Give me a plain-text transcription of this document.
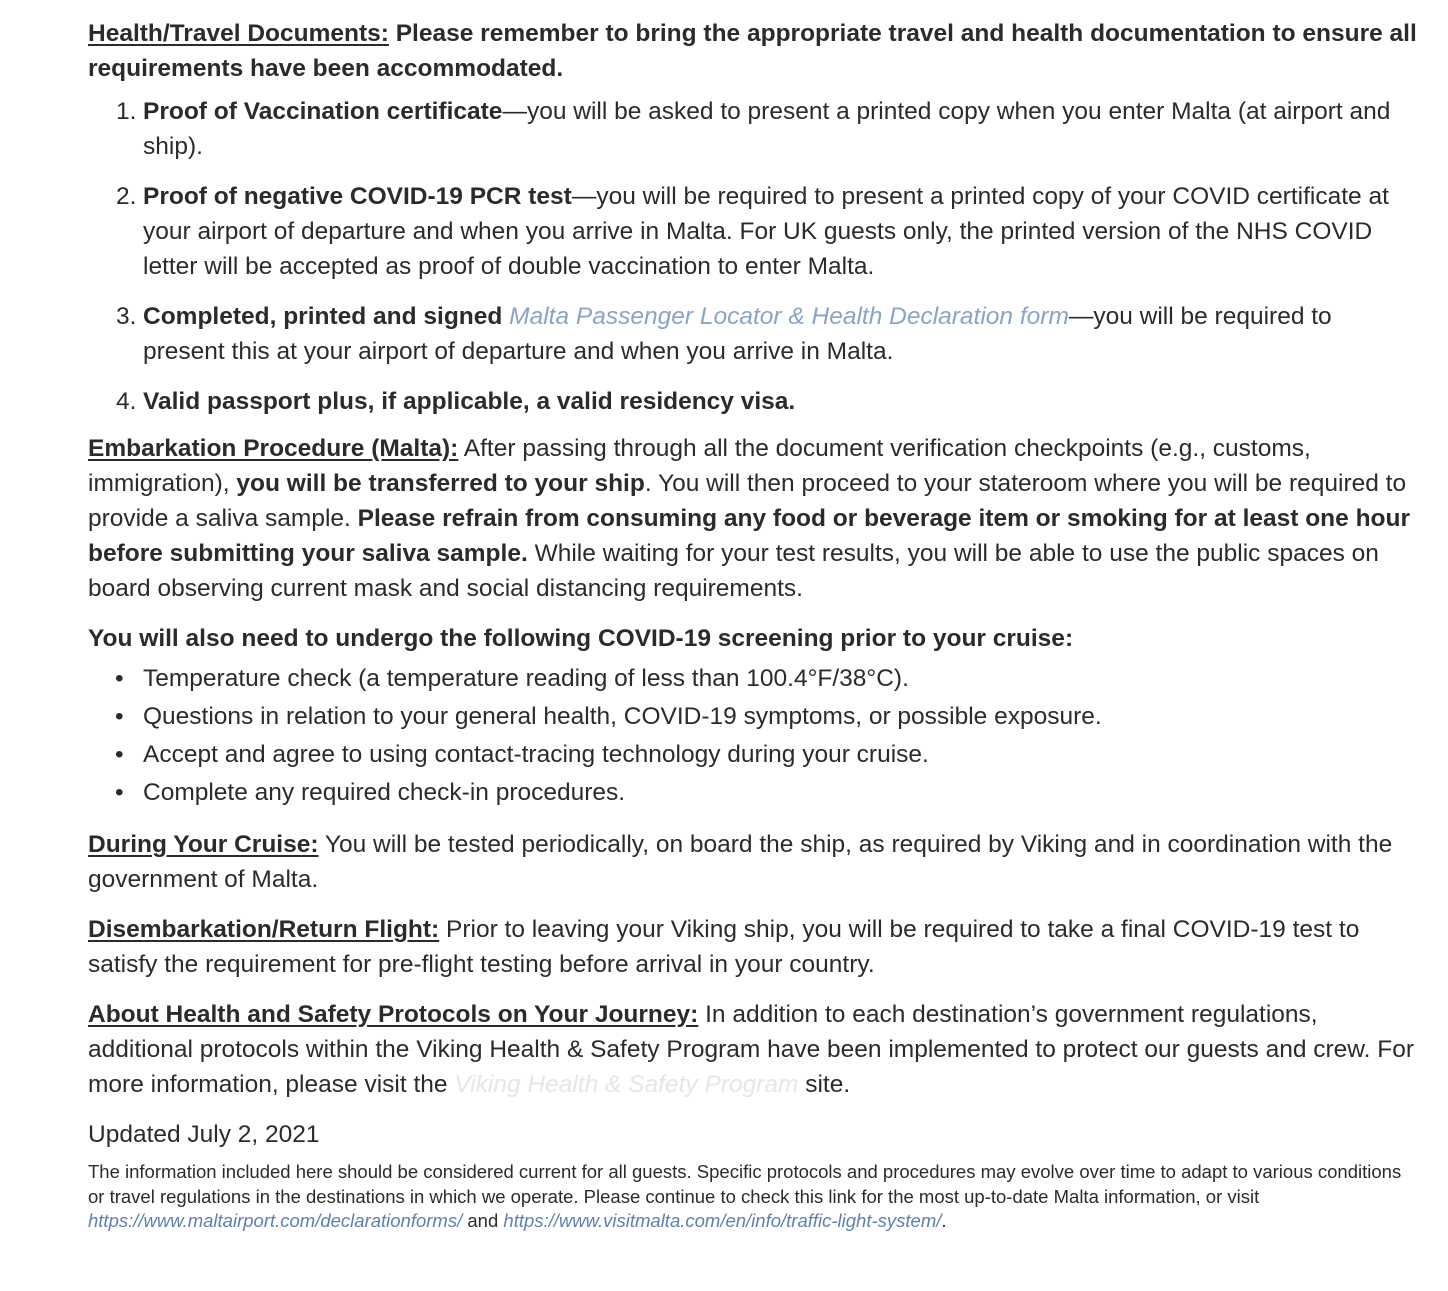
Health/Travel Documents: Please remember to bring the appropriate travel and health documentation to ensure all requirements have been accommodated.

1. Proof of Vaccination certificate—you will be asked to present a printed copy when you enter Malta (at airport and ship).
2. Proof of negative COVID-19 PCR test—you will be required to present a printed copy of your COVID certificate at your airport of departure and when you arrive in Malta. For UK guests only, the printed version of the NHS COVID letter will be accepted as proof of double vaccination to enter Malta.
3. Completed, printed and signed Malta Passenger Locator & Health Declaration form—you will be required to present this at your airport of departure and when you arrive in Malta.
4. Valid passport plus, if applicable, a valid residency visa.

Embarkation Procedure (Malta): After passing through all the document verification checkpoints (e.g., customs, immigration), you will be transferred to your ship. You will then proceed to your stateroom where you will be required to provide a saliva sample. Please refrain from consuming any food or beverage item or smoking for at least one hour before submitting your saliva sample. While waiting for your test results, you will be able to use the public spaces on board observing current mask and social distancing requirements.

You will also need to undergo the following COVID-19 screening prior to your cruise:

• Temperature check (a temperature reading of less than 100.4°F/38°C).
• Questions in relation to your general health, COVID-19 symptoms, or possible exposure.
• Accept and agree to using contact-tracing technology during your cruise.
• Complete any required check-in procedures.

During Your Cruise: You will be tested periodically, on board the ship, as required by Viking and in coordination with the government of Malta.

Disembarkation/Return Flight: Prior to leaving your Viking ship, you will be required to take a final COVID-19 test to satisfy the requirement for pre-flight testing before arrival in your country.

About Health and Safety Protocols on Your Journey: In addition to each destination’s government regulations, additional protocols within the Viking Health & Safety Program have been implemented to protect our guests and crew. For more information, please visit the Viking Health & Safety Program site.

Updated July 2, 2021

The information included here should be considered current for all guests. Specific protocols and procedures may evolve over time to adapt to various conditions or travel regulations in the destinations in which we operate. Please continue to check this link for the most up-to-date Malta information, or visit https://www.maltairport.com/declarationforms/ and https://www.visitmalta.com/en/info/traffic-light-system/.
